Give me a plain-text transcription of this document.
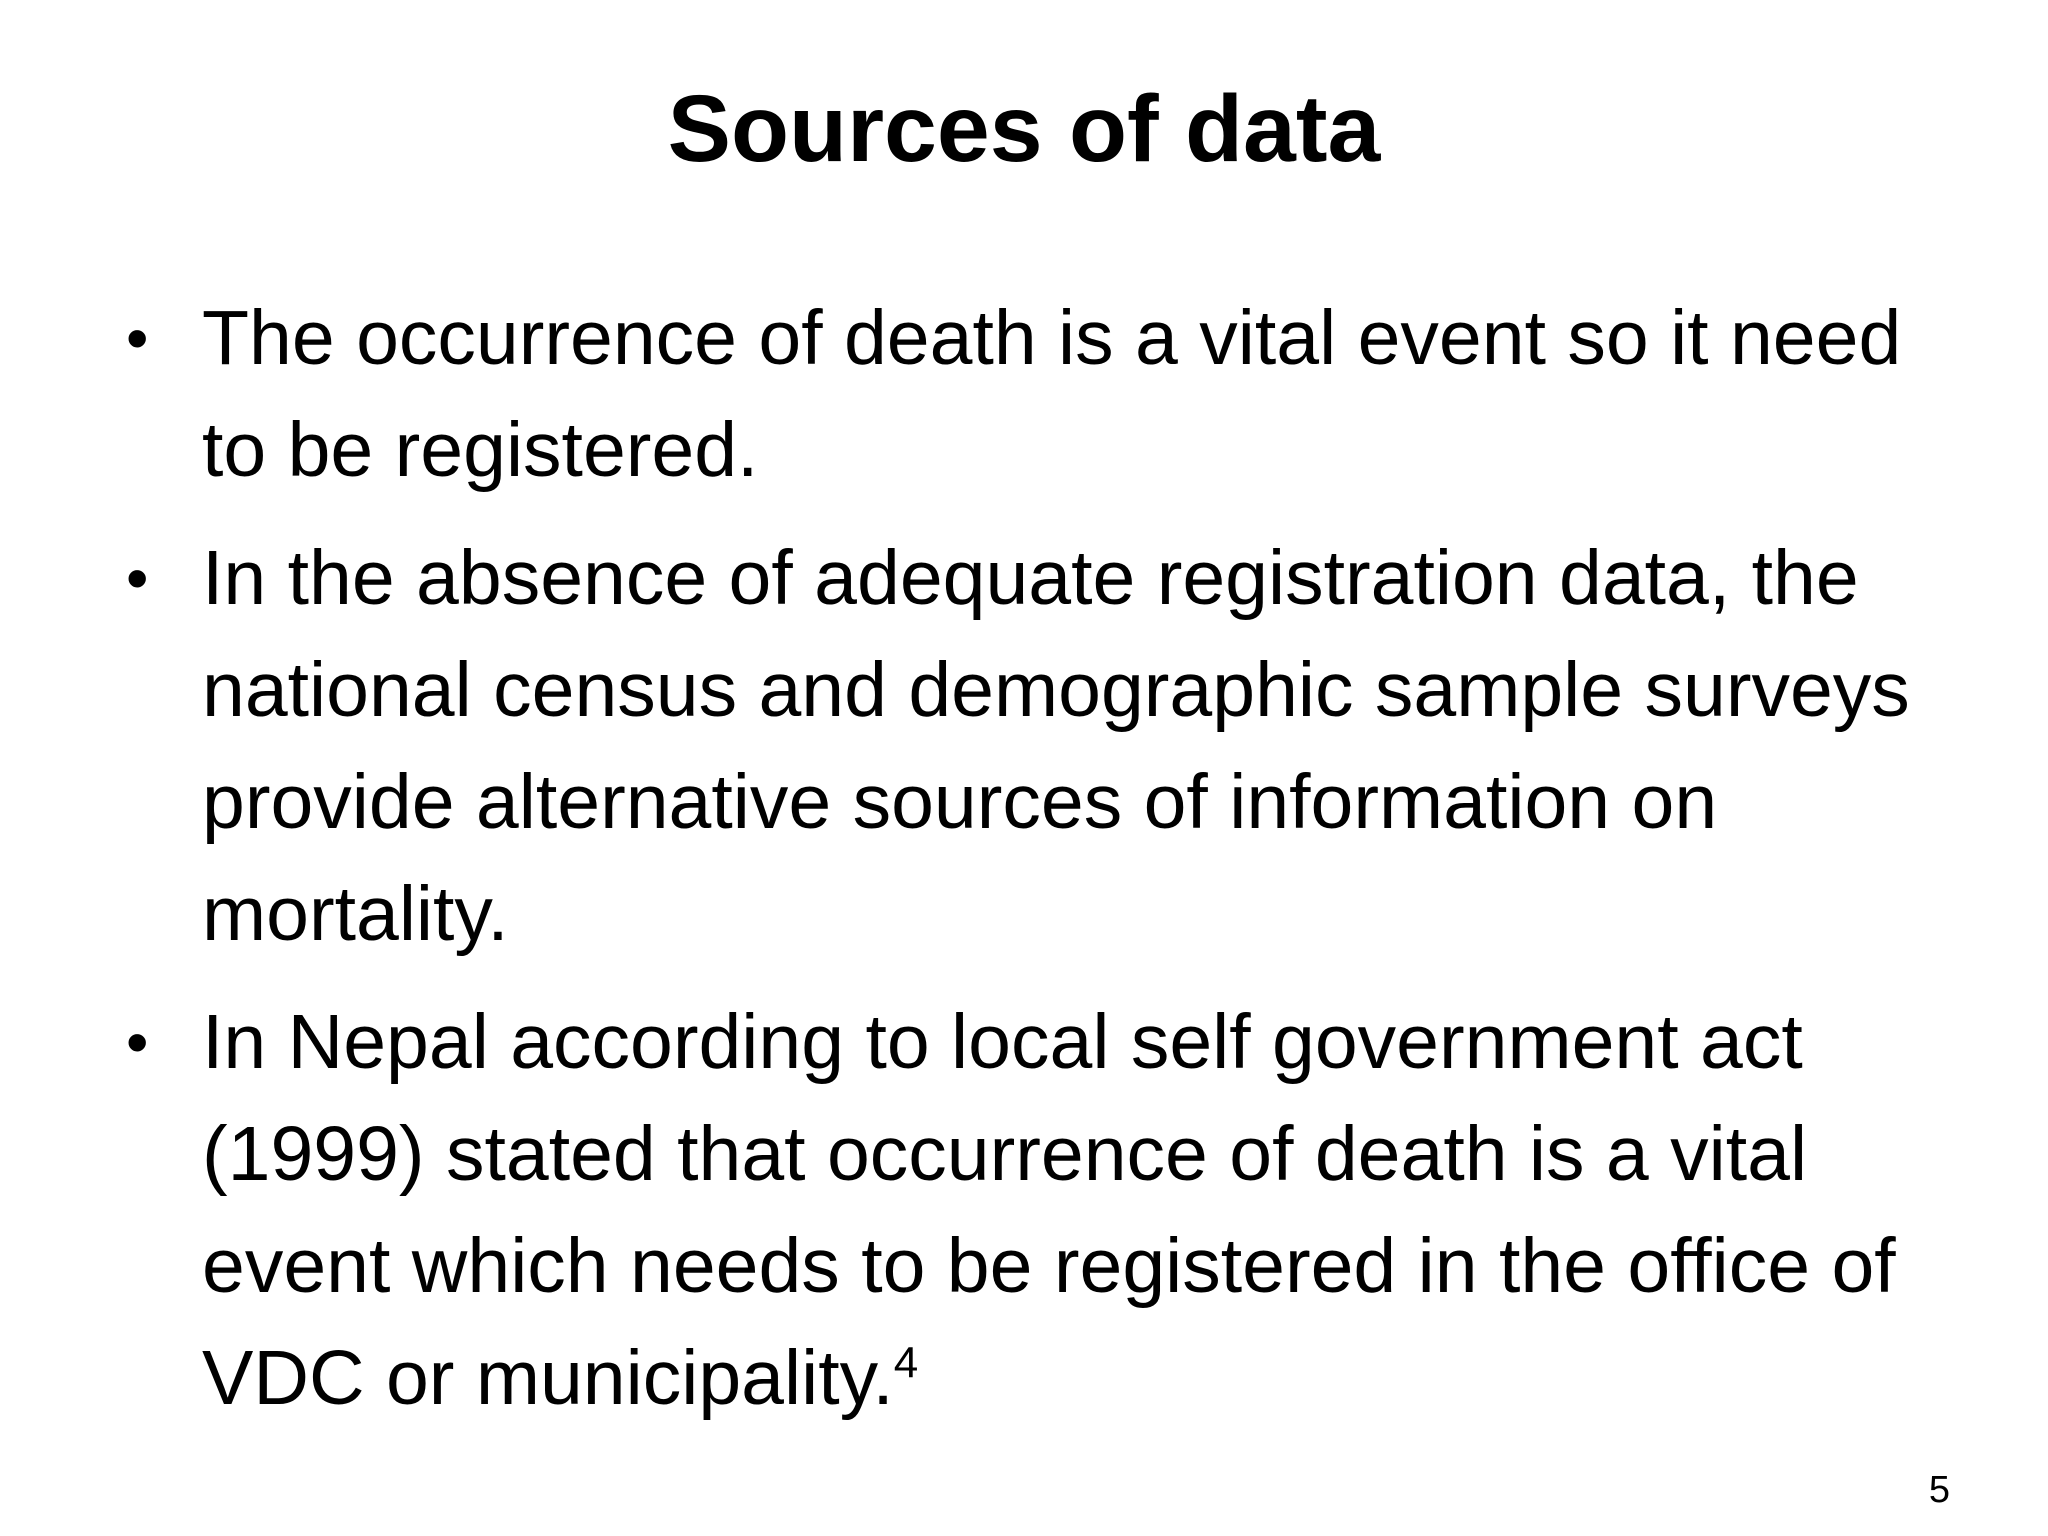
Sources of data
• The occurrence of death is a vital event so it need to be registered.
• In the absence of adequate registration data, the national census and demographic sample surveys provide alternative sources of information on mortality.
• In Nepal according to local self government act (1999) stated that occurrence of death is a vital event which needs to be registered in the office of VDC or municipality.$^4$
5
